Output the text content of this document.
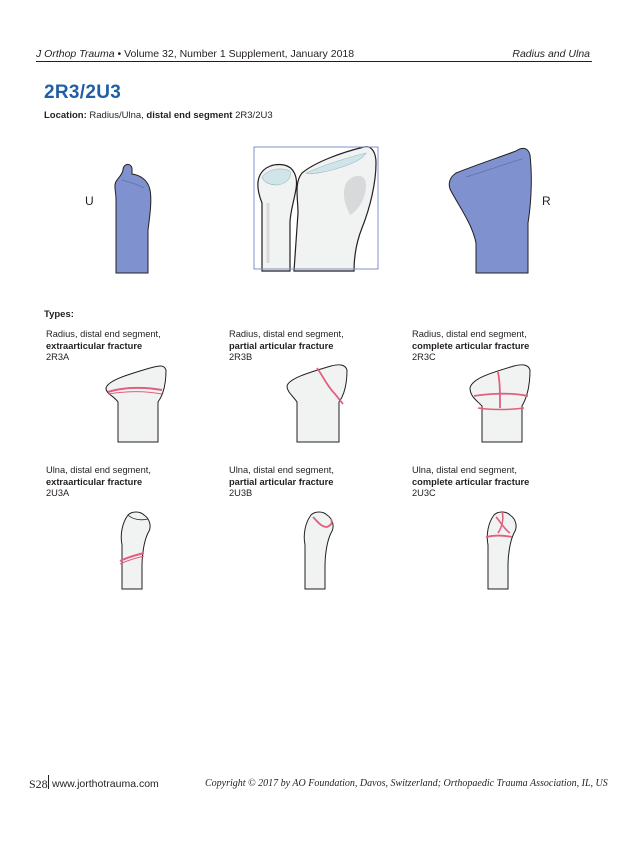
J Orthop Trauma • Volume 32, Number 1 Supplement, January 2018	Radius and Ulna
2R3/2U3
Location: Radius/Ulna, distal end segment 2R3/2U3
U	R
Types:
Radius, distal end segment,
extraarticular fracture
2R3A
Radius, distal end segment,
partial articular fracture
2R3B
Radius, distal end segment,
complete articular fracture
2R3C
Ulna, distal end segment,
extraarticular fracture
2U3A
Ulna, distal end segment,
partial articular fracture
2U3B
Ulna, distal end segment,
complete articular fracture
2U3C
S28 www.jorthotrauma.com	Copyright © 2017 by AO Foundation, Davos, Switzerland; Orthopaedic Trauma Association, IL, US
